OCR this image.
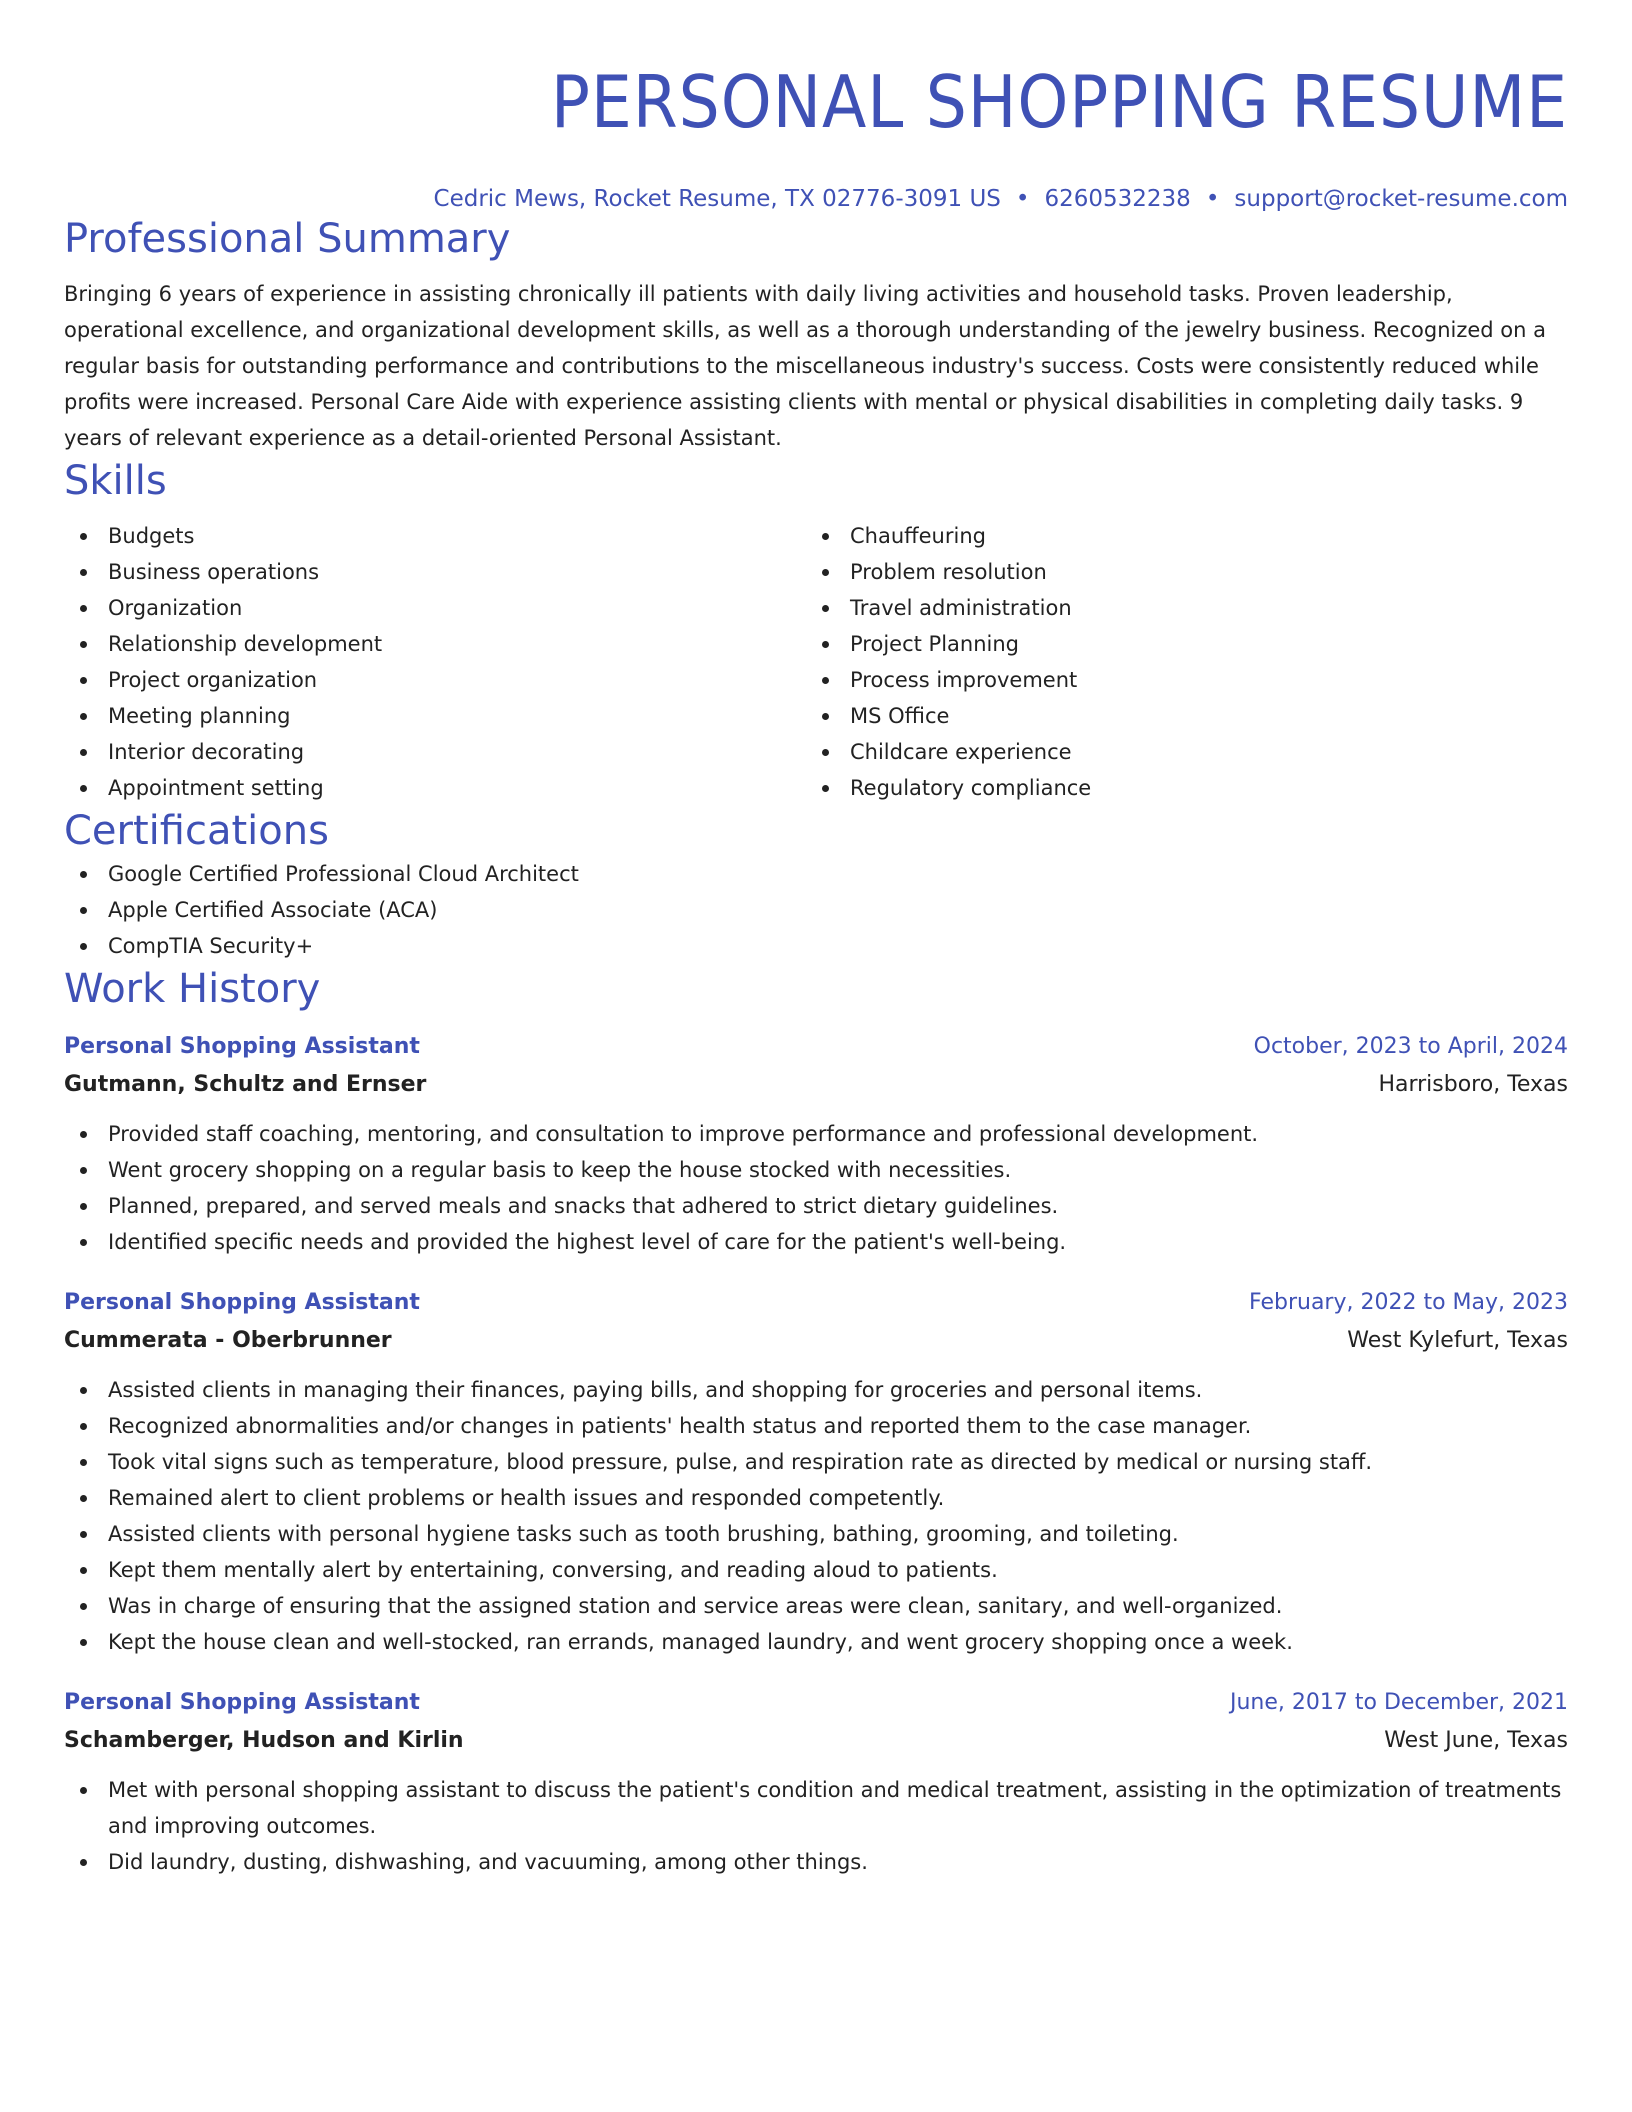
PERSONAL SHOPPING RESUME
Cedric Mews, Rocket Resume, TX 02776-3091 US • 6260532238 • support@rocket-resume.com
Professional Summary
Bringing 6 years of experience in assisting chronically ill patients with daily living activities and household tasks. Proven leadership, operational excellence, and organizational development skills, as well as a thorough understanding of the jewelry business. Recognized on a regular basis for outstanding performance and contributions to the miscellaneous industry's success. Costs were consistently reduced while profits were increased. Personal Care Aide with experience assisting clients with mental or physical disabilities in completing daily tasks. 9 years of relevant experience as a detail-oriented Personal Assistant.
Skills
Budgets
Business operations
Organization
Relationship development
Project organization
Meeting planning
Interior decorating
Appointment setting
Chauffeuring
Problem resolution
Travel administration
Project Planning
Process improvement
MS Office
Childcare experience
Regulatory compliance
Certifications
Google Certified Professional Cloud Architect
Apple Certified Associate (ACA)
CompTIA Security+
Work History
Personal Shopping Assistant	October, 2023 to April, 2024
Gutmann, Schultz and Ernser	Harrisboro, Texas
Provided staff coaching, mentoring, and consultation to improve performance and professional development.
Went grocery shopping on a regular basis to keep the house stocked with necessities.
Planned, prepared, and served meals and snacks that adhered to strict dietary guidelines.
Identified specific needs and provided the highest level of care for the patient's well-being.
Personal Shopping Assistant	February, 2022 to May, 2023
Cummerata - Oberbrunner	West Kylefurt, Texas
Assisted clients in managing their finances, paying bills, and shopping for groceries and personal items.
Recognized abnormalities and/or changes in patients' health status and reported them to the case manager.
Took vital signs such as temperature, blood pressure, pulse, and respiration rate as directed by medical or nursing staff.
Remained alert to client problems or health issues and responded competently.
Assisted clients with personal hygiene tasks such as tooth brushing, bathing, grooming, and toileting.
Kept them mentally alert by entertaining, conversing, and reading aloud to patients.
Was in charge of ensuring that the assigned station and service areas were clean, sanitary, and well-organized.
Kept the house clean and well-stocked, ran errands, managed laundry, and went grocery shopping once a week.
Personal Shopping Assistant	June, 2017 to December, 2021
Schamberger, Hudson and Kirlin	West June, Texas
Met with personal shopping assistant to discuss the patient's condition and medical treatment, assisting in the optimization of treatments and improving outcomes.
Did laundry, dusting, dishwashing, and vacuuming, among other things.
